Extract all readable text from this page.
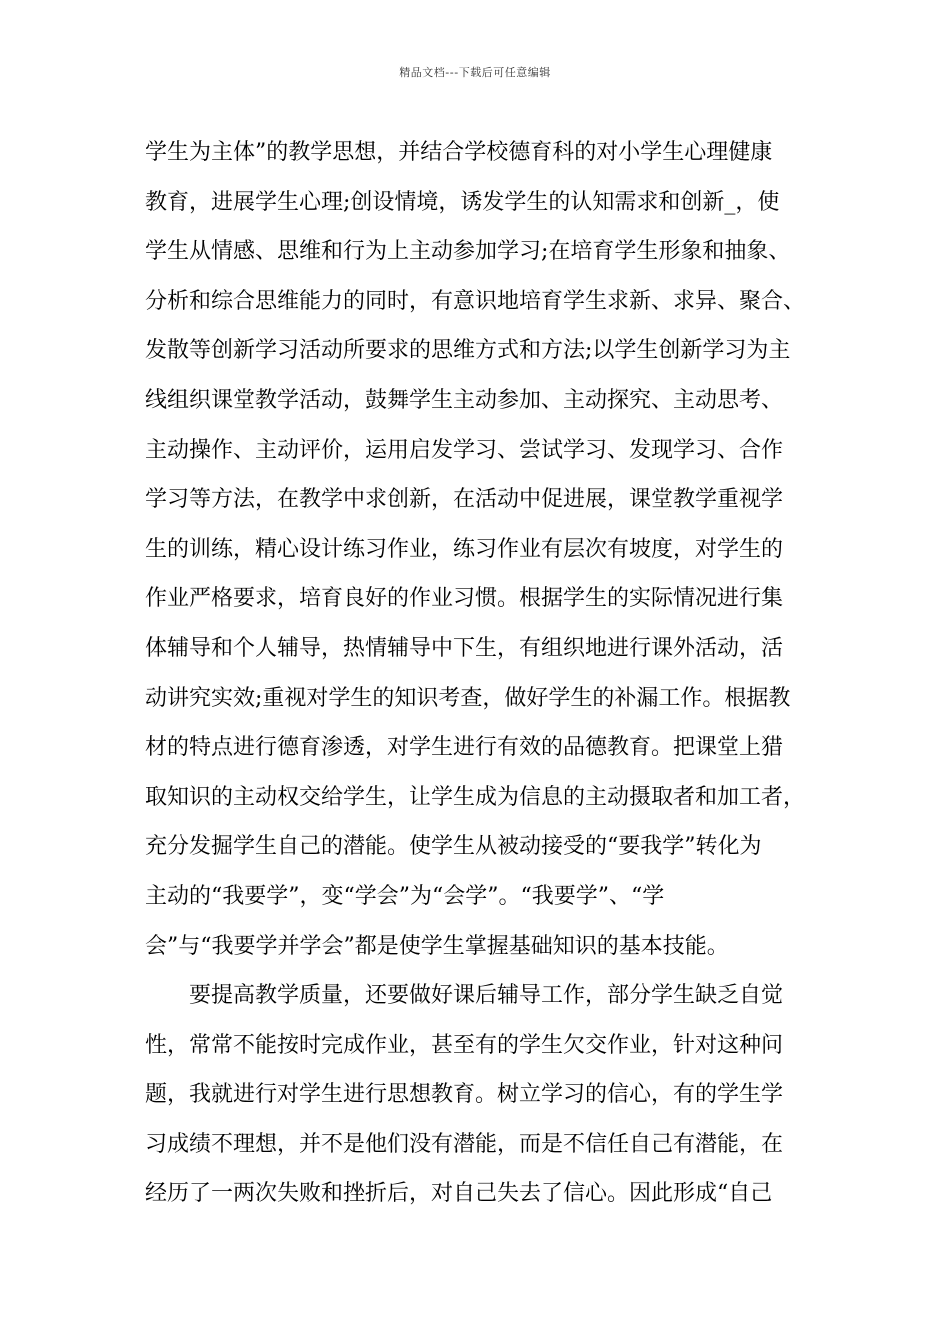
精品文档---下载后可任意编辑
学生为主体”的教学思想，并结合学校德育科的对小学生心理健康
教育，进展学生心理;创设情境，诱发学生的认知需求和创新_，使
学生从情感、思维和行为上主动参加学习;在培育学生形象和抽象、
分析和综合思维能力的同时，有意识地培育学生求新、求异、聚合、
发散等创新学习活动所要求的思维方式和方法;以学生创新学习为主
线组织课堂教学活动，鼓舞学生主动参加、主动探究、主动思考、
主动操作、主动评价，运用启发学习、尝试学习、发现学习、合作
学习等方法，在教学中求创新，在活动中促进展，课堂教学重视学
生的训练，精心设计练习作业，练习作业有层次有坡度，对学生的
作业严格要求，培育良好的作业习惯。根据学生的实际情况进行集
体辅导和个人辅导，热情辅导中下生，有组织地进行课外活动，活
动讲究实效;重视对学生的知识考查，做好学生的补漏工作。根据教
材的特点进行德育渗透，对学生进行有效的品德教育。把课堂上猎
取知识的主动权交给学生，让学生成为信息的主动摄取者和加工者，
充分发掘学生自己的潜能。使学生从被动接受的“要我学”转化为
主动的“我要学”，变“学会”为“会学”。“我要学”、“学
会”与“我要学并学会”都是使学生掌握基础知识的基本技能。
要提高教学质量，还要做好课后辅导工作，部分学生缺乏自觉
性，常常不能按时完成作业，甚至有的学生欠交作业，针对这种问
题，我就进行对学生进行思想教育。树立学习的信心，有的学生学
习成绩不理想，并不是他们没有潜能，而是不信任自己有潜能，在
经历了一两次失败和挫折后，对自己失去了信心。因此形成“自己
